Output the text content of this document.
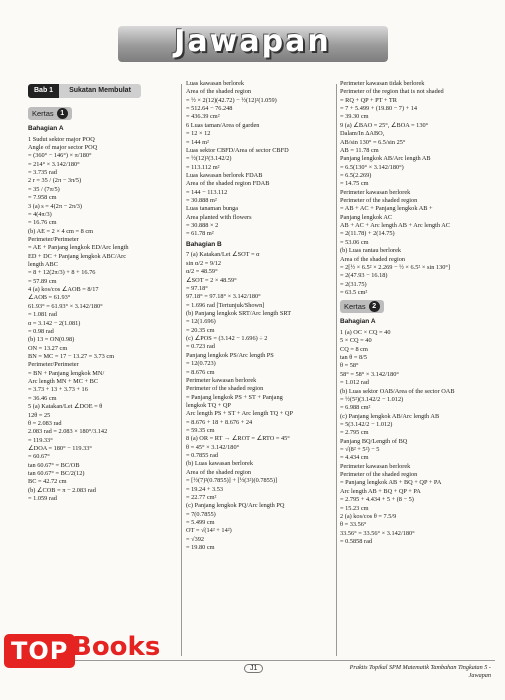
Jawapan
Bab 1	Sukatan Membulat
Kertas 1
Bahagian A
1 Sudut sektor major POQ
Angle of major sector POQ
= (360° − 146°) × π/180°
= 214° × 3.142/180°
= 3.735 rad
2 r = 35 / (2π − 3π/5)
= 35 / (7π/5)
= 7.958 cm
3 (a) s = 4(2π − 2π/3)
= 4(4π/3)
= 16.76 cm
(b) AE = 2 × 4 cm = 8 cm
Perimeter/Perimeter
= AE + Panjang lengkok ED/Arc length
ED + DC + Panjang lengkok ABC/Arc
length ABC
= 8 + 12(2π/3) + 8 + 16.76
= 57.89 cm
4 (a) kos/cos ∠AOB = 8/17
∠AOB = 61.93°
61.93° = 61.93° × 3.142/180°
= 1.081 rad
α = 3.142 − 2(1.081)
= 0.98 rad
(b) 13 = ON(0.98)
ON = 13.27 cm
BN = MC = 17 − 13.27 = 3.73 cm
Perimeter/Perimeter
= BN + Panjang lengkok MN/
Arc length MN + MC + BC
= 3.73 + 13 + 3.73 + 16
= 36.46 cm
5 (a) Katakan/Let ∠DOE = θ
12θ = 25
θ = 2.083 rad
2.083 rad = 2.083 × 180°/3.142
= 119.33°
∠DOA = 180° − 119.33°
= 60.67°
tan 60.67° = BC/OB
tan 60.67° = BC/2(12)
BC = 42.72 cm
(b) ∠COB = π − 2.083 rad
= 1.059 rad
Luas kawasan berlorek
Area of the shaded region
= ½ × 2(12)(42.72) − ½(12)²(1.059)
= 512.64 − 76.248
= 436.39 cm²
6 Luas taman/Area of garden
= 12 × 12
= 144 m²
Luas sektor CBFD/Area of sector CBFD
= ½(12)²(3.142/2)
= 113.112 m²
Luas kawasan berlorek FDAB
Area of the shaded region FDAB
= 144 − 113.112
= 30.888 m²
Luas tanaman bunga
Area planted with flowers
= 30.888 × 2
= 61.78 m²
Bahagian B
7 (a) Katakan/Let ∠SOT = α
sin α/2 = 9/12
α/2 = 48.59°
∠SOT = 2 × 48.59°
= 97.18°
97.18° = 97.18° × 3.142/180°
= 1.696 rad [Tertunjuk/Shown]
(b) Panjang lengkok SRT/Arc length SRT
= 12(1.696)
= 20.35 cm
(c) ∠POS = (3.142 − 1.696) ÷ 2
= 0.723 rad
Panjang lengkok PS/Arc length PS
= 12(0.723)
= 8.676 cm
Perimeter kawasan berlorek
Perimeter of the shaded region
= Panjang lengkok PS + ST + Panjang
lengkok TQ + QP
Arc length PS + ST + Arc length TQ + QP
= 8.676 + 18 + 8.676 + 24
= 59.35 cm
8 (a) OR = RT → ∠ROT = ∠RTO = 45°
θ = 45° × 3.142/180°
= 0.7855 rad
(b) Luas kawasan berlorek
Area of the shaded region
= [½(7)²(0.7855)] + [½(3²)(0.7855)]
= 19.24 + 3.53
= 22.77 cm²
(c) Panjang lengkok PQ/Arc length PQ
= 7(0.7855)
= 5.499 cm
OT = √(14² + 14²)
= √392
= 19.80 cm
Perimeter kawasan tidak berlorek
Perimeter of the region that is not shaded
= RQ + QP + PT + TR
= 7 + 5.499 + (19.80 − 7) + 14
= 39.30 cm
9 (a) ∠BAO = 25°, ∠BOA = 130°
Dalam/In ΔABO,
AB/sin 130° = 6.5/sin 25°
AB = 11.78 cm
Panjang lengkok AB/Arc length AB
= 6.5(130° × 3.142/180°)
= 6.5(2.269)
= 14.75 cm
Perimeter kawasan berlorek
Perimeter of the shaded region
= AB + AC + Panjang lengkok AB +
Panjang lengkok AC
AB + AC + Arc length AB + Arc length AC
= 2(11.78) + 2(14.75)
= 53.06 cm
(b) Luas rantau berlorek
Area of the shaded region
= 2[½ × 6.5² × 2.269 − ½ × 6.5² × sin 130°]
= 2(47.93 − 16.18)
= 2(31.75)
= 63.5 cm²
Kertas 2
Bahagian A
1 (a) OC × CQ = 40
5 × CQ = 40
CQ = 8 cm
tan θ = 8/5
θ = 58°
58° = 58° × 3.142/180°
= 1.012 rad
(b) Luas sektor OAB/Area of the sector OAB
= ½(5²)(3.142/2 − 1.012)
= 6.988 cm²
(c) Panjang lengkok AB/Arc length AB
= 5(3.142/2 − 1.012)
= 2.795 cm
Panjang BQ/Length of BQ
= √(8² + 5²) − 5
= 4.434 cm
Perimeter kawasan berlorek
Perimeter of the shaded region
= Panjang lengkok AB + BQ + QP + PA
Arc length AB + BQ + QP + PA
= 2.795 + 4.434 + 5 + (8 − 5)
= 15.23 cm
2 (a) kos/cos θ = 7.5/9
θ = 33.56°
33.56° = 33.56° × 3.142/180°
= 0.5858 rad
J1	Praktis Topikal SPM Matematik Tambahan Tingkatan 5 -
Jawapan
TOP Books
